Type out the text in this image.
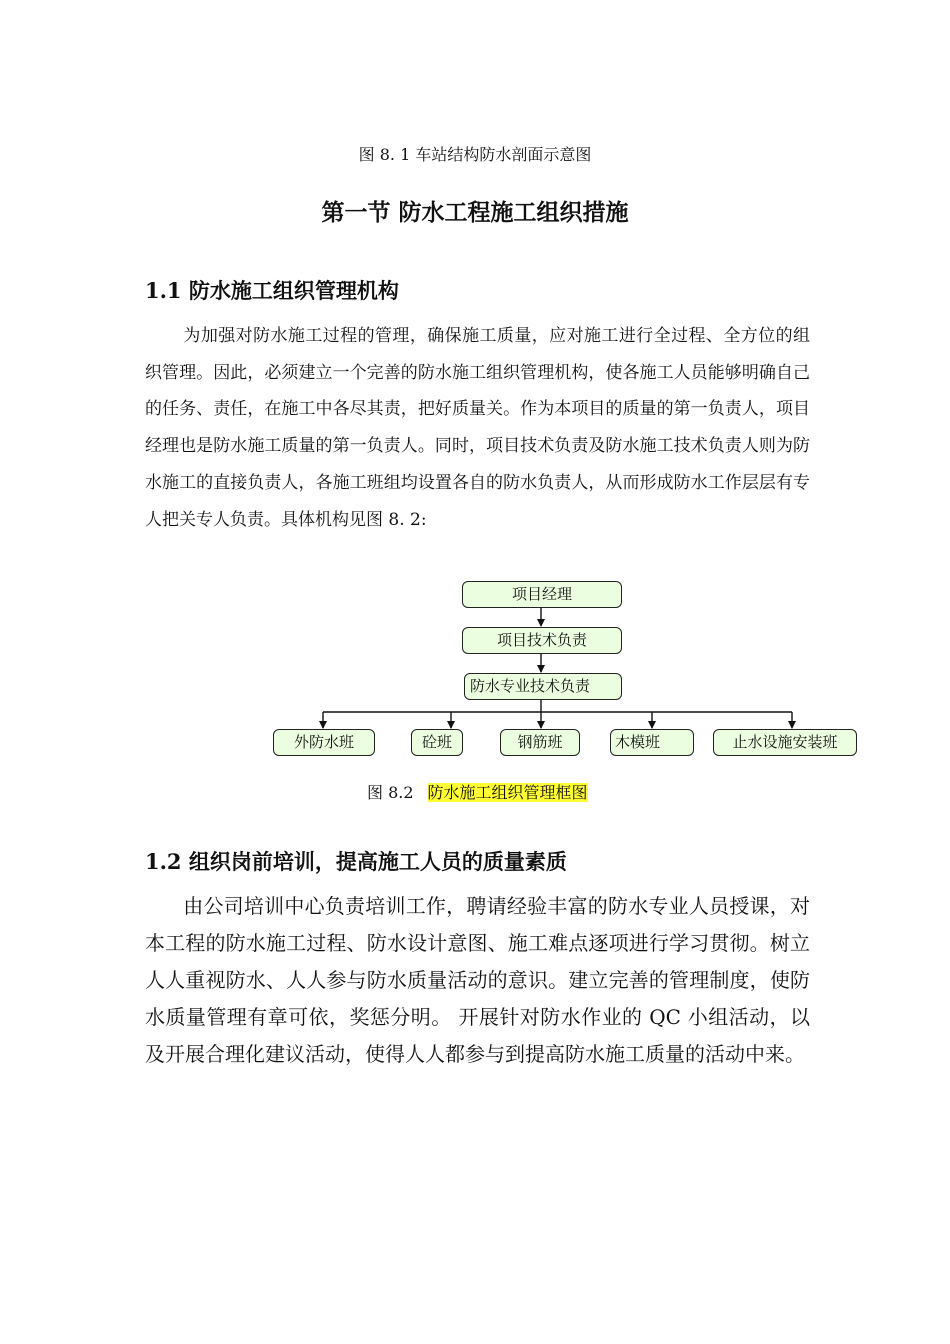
图 8. 1 车站结构防水剖面示意图
第一节 防水工程施工组织措施
1.1 防水施工组织管理机构
为加强对防水施工过程的管理，确保施工质量，应对施工进行全过程、全方位的组织管理。因此，必须建立一个完善的防水施工组织管理机构，使各施工人员能够明确自己的任务、责任，在施工中各尽其责，把好质量关。作为本项目的质量的第一负责人，项目经理也是防水施工质量的第一负责人。同时，项目技术负责及防水施工技术负责人则为防水施工的直接负责人，各施工班组均设置各自的防水负责人，从而形成防水工作层层有专人把关专人负责。具体机构见图 8. 2:
项目经理
项目技术负责
防水专业技术负责
外防水班	砼班	钢筋班	木模班	止水设施安装班
图 8.2 防水施工组织管理框图
1.2 组织岗前培训，提高施工人员的质量素质
由公司培训中心负责培训工作，聘请经验丰富的防水专业人员授课，对本工程的防水施工过程、防水设计意图、施工难点逐项进行学习贯彻。树立人人重视防水、人人参与防水质量活动的意识。建立完善的管理制度，使防水质量管理有章可依，奖惩分明。 开展针对防水作业的 QC 小组活动，以及开展合理化建议活动，使得人人都参与到提高防水施工质量的活动中来。
